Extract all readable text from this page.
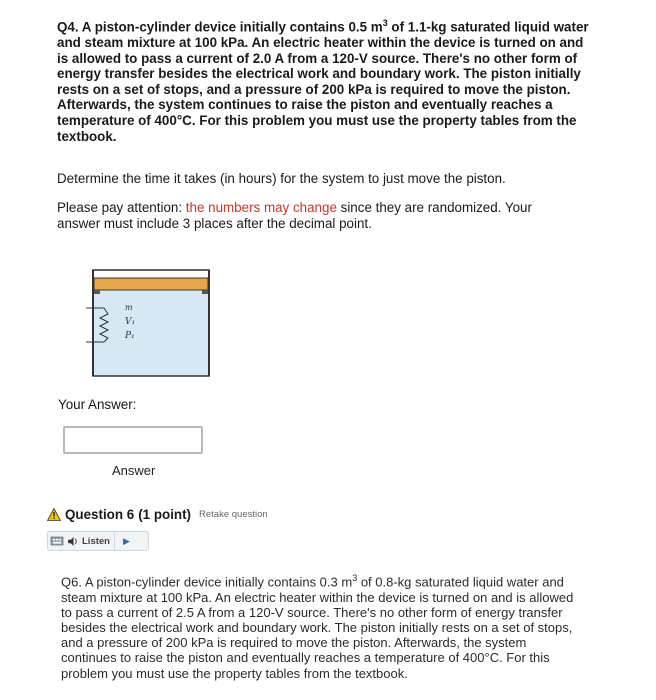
Q4. A piston-cylinder device initially contains 0.5 $m^3$ of 1.1-kg saturated liquid water and steam mixture at 100 kPa. An electric heater within the device is turned on and is allowed to pass a current of 2.0 A from a 120-V source. There's no other form of energy transfer besides the electrical work and boundary work. The piston initially rests on a set of stops, and a pressure of 200 kPa is required to move the piston. Afterwards, the system continues to raise the piston and eventually reaches a temperature of 400°C. For this problem you must use the property tables from the textbook.
Determine the time it takes (in hours) for the system to just move the piston.
Please pay attention: the numbers may change since they are randomized. Your answer must include 3 places after the decimal point.
m
V₁
P₁
Your Answer:
Answer
Question 6 (1 point) Retake question
Listen ▶
Q6. A piston-cylinder device initially contains 0.3 $m^3$ of 0.8-kg saturated liquid water and steam mixture at 100 kPa. An electric heater within the device is turned on and is allowed to pass a current of 2.5 A from a 120-V source. There's no other form of energy transfer besides the electrical work and boundary work. The piston initially rests on a set of stops, and a pressure of 200 kPa is required to move the piston. Afterwards, the system continues to raise the piston and eventually reaches a temperature of 400°C. For this problem you must use the property tables from the textbook.
